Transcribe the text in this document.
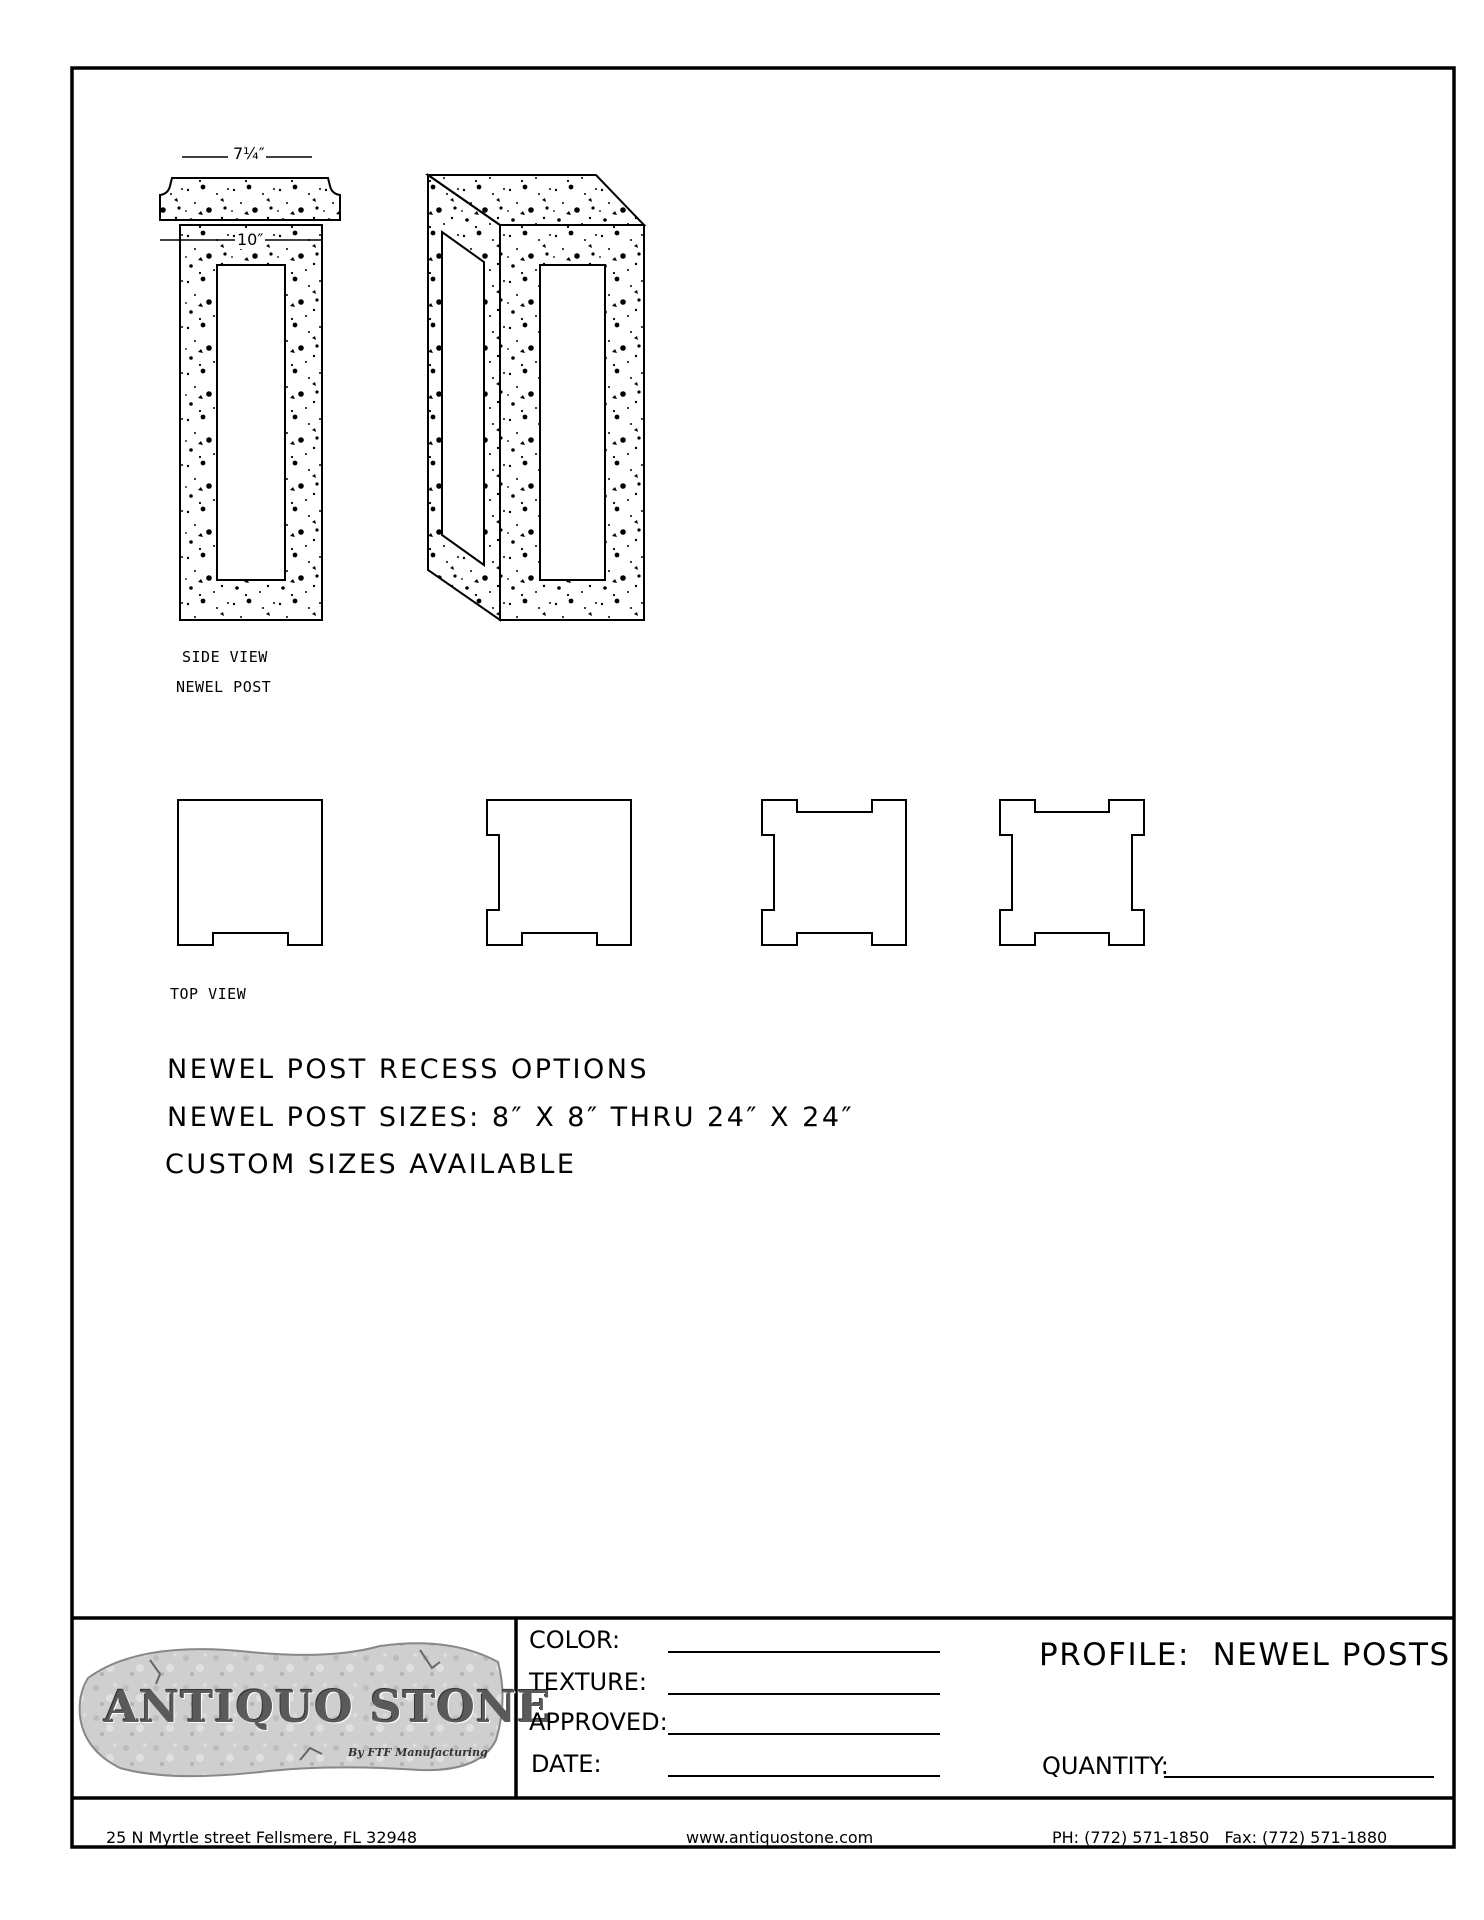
7¼″
10″
SIDE VIEW
NEWEL POST
TOP VIEW
NEWEL POST RECESS OPTIONS
NEWEL POST SIZES: 8″ X 8″ THRU 24″ X 24″
CUSTOM SIZES AVAILABLE
ANTIQUO STONE
By FTF Manufacturing
COLOR:
TEXTURE:
APPROVED:
DATE:	QUANTITY:
PROFILE:  NEWEL POSTS
25 N Myrtle street Fellsmere, FL 32948	www.antiquostone.com	PH: (772) 571-1850   Fax: (772) 571-1880
